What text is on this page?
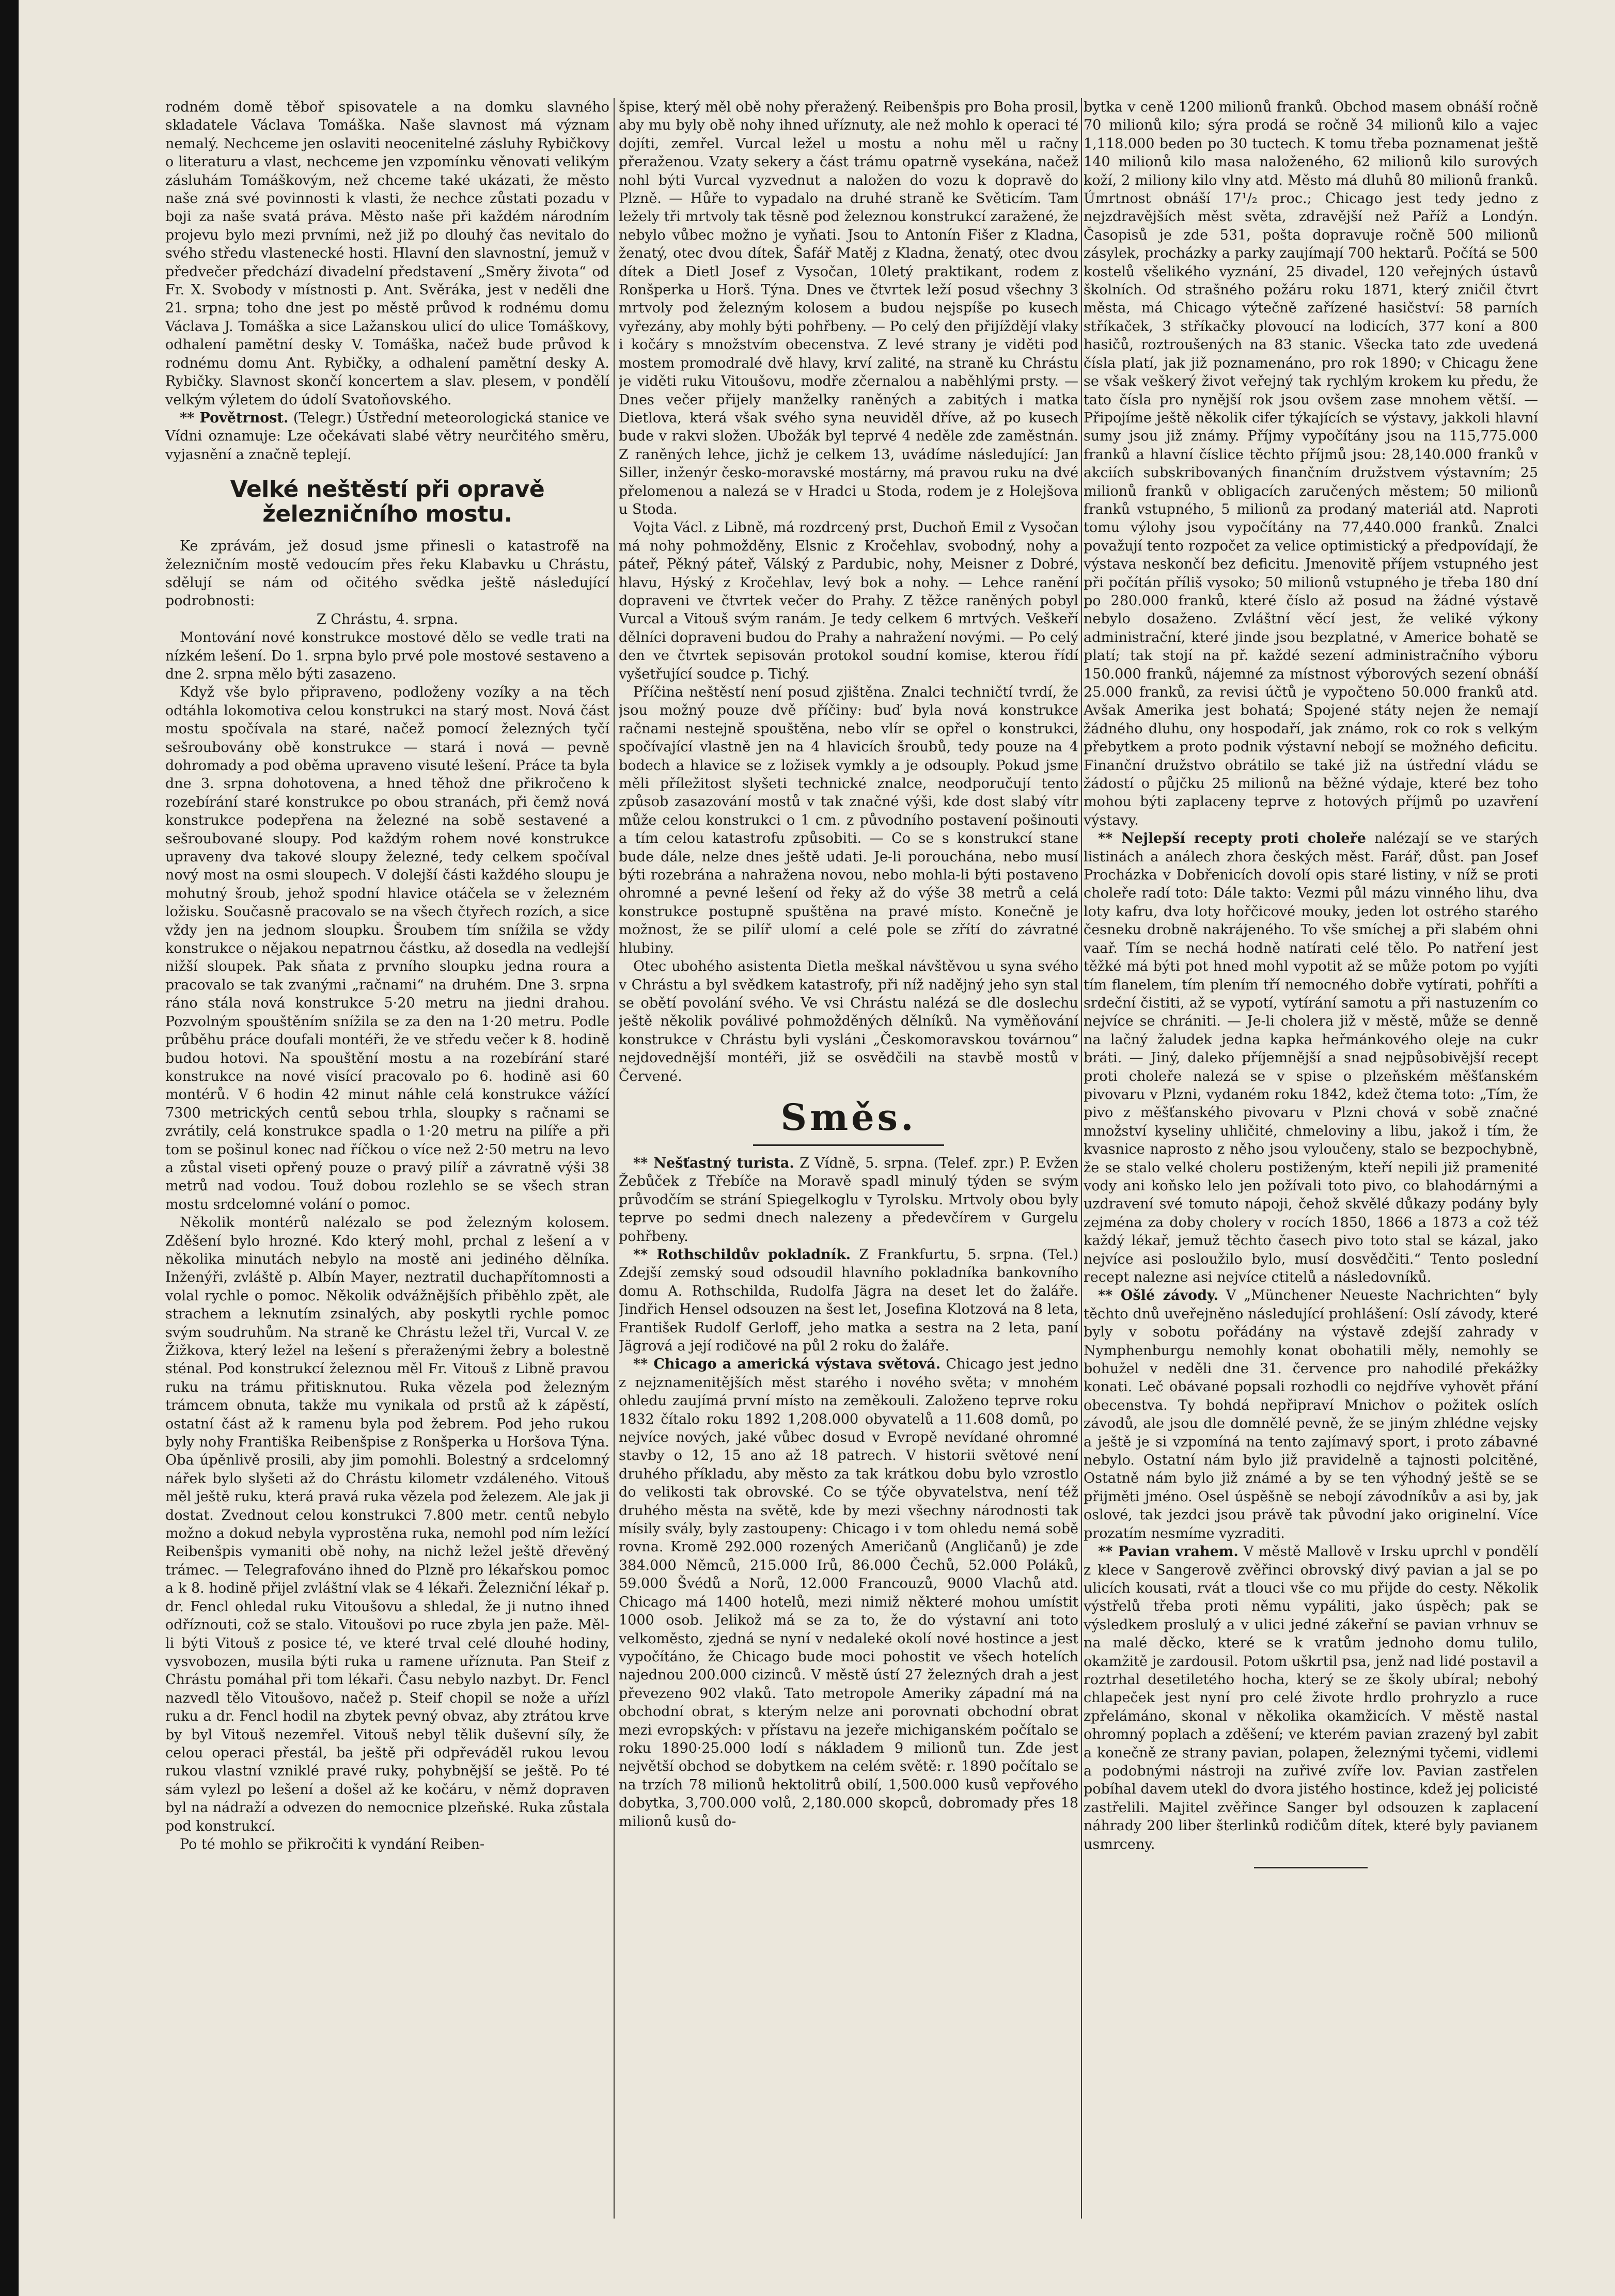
rodném domě těboř spisovatele a na domku slavného skladatele Václava Tomáška. Naše slavnost má význam nemalý. Nechceme jen oslaviti neocenitelné zásluhy Rybičkovy o literaturu a vlast, nechceme jen vzpomínku věnovati velikým zásluhám Tomáškovým, než chceme také ukázati, že město naše zná své povinnosti k vlasti, že nechce zůstati pozadu v boji za naše svatá práva. Město naše při každém národním projevu bylo mezi prvními, než již po dlouhý čas nevitalo do svého středu vlastenecké hosti. Hlavní den slavnostní, jemuž v předvečer předchází divadelní představení „Směry života“ od Fr. X. Svobody v místnosti p. Ant. Svěráka, jest v neděli dne 21. srpna; toho dne jest po městě průvod k rodnému domu Václava J. Tomáška a sice Lažanskou ulicí do ulice Tomáškovy, odhalení pamětní desky V. Tomáška, načež bude průvod k rodnému domu Ant. Rybičky, a odhalení pamětní desky A. Rybičky. Slavnost skončí koncertem a slav. plesem, v pondělí velkým výletem do údolí Svatoňovského.

** Povětrnost. (Telegr.) Ústřední meteorologická stanice ve Vídni oznamuje: Lze očekávati slabé větry neurčitého směru, vyjasnění a značně teplejí.

Velké neštěstí při opravě železničního mostu.

Ke zprávám, jež dosud jsme přinesli o katastrofě na železničním mostě vedoucím přes řeku Klabavku u Chrástu, sdělují se nám od očitého svědka ještě následující podrobnosti:

Z Chrástu, 4. srpna.

Montování nové konstrukce mostové dělo se vedle trati na nízkém lešení. Do 1. srpna bylo prvé pole mostové sestaveno a dne 2. srpna mělo býti zasazeno.

Když vše bylo připraveno, podloženy vozíky a na těch odtáhla lokomotiva celou konstrukci na starý most. Nová část mostu spočívala na staré, načež pomocí železných tyčí sešroubovány obě konstrukce — stará i nová — pevně dohromady a pod oběma upraveno visuté lešení. Práce ta byla dne 3. srpna dohotovena, a hned těhož dne přikročeno k rozebírání staré konstrukce po obou stranách, při čemž nová konstrukce podepřena na železné na sobě sestavené a sešroubované sloupy. Pod každým rohem nové konstrukce upraveny dva takové sloupy železné, tedy celkem spočíval nový most na osmi sloupech. V dolejší části každého sloupu je mohutný šroub, jehož spodní hlavice otáčela se v železném ložisku. Současně pracovalo se na všech čtyřech rozích, a sice vždy jen na jednom sloupku. Šroubem tím snížila se vždy konstrukce o nějakou nepatrnou částku, až dosedla na vedlejší nižší sloupek. Pak sňata z prvního sloupku jedna roura a pracovalo se tak zvanými „račnami“ na druhém. Dne 3. srpna ráno stála nová konstrukce 5·20 metru na jiedni drahou. Pozvolným spouštěním snížila se za den na 1·20 metru. Podle průběhu práce doufali montéři, že ve středu večer k 8. hodině budou hotovi. Na spouštění mostu a na rozebírání staré konstrukce na nové visící pracovalo po 6. hodině asi 60 montérů. V 6 hodin 42 minut náhle celá konstrukce vážící 7300 metrických centů sebou trhla, sloupky s račnami se zvrátily, celá konstrukce spadla o 1·20 metru na pilíře a při tom se pošinul konec nad říčkou o více než 2·50 metru na levo a zůstal viseti opřený pouze o pravý pilíř a závratně výši 38 metrů nad vodou. Touž dobou rozlehlo se se všech stran mostu srdcelomné volání o pomoc.

Několik montérů nalézalo se pod železným kolosem. Zděšení bylo hrozné. Kdo který mohl, prchal z lešení a v několika minutách nebylo na mostě ani jediného dělníka. Inženýři, zvláště p. Albín Mayer, neztratil duchapřítomnosti a volal rychle o pomoc. Několik odvážnějších přiběhlo zpět, ale strachem a leknutím zsinalých, aby poskytli rychle pomoc svým soudruhům. Na straně ke Chrástu ležel tři, Vurcal V. ze Žižkova, který ležel na lešení s přeraženými žebry a bolestně sténal. Pod konstrukcí železnou měl Fr. Vitouš z Libně pravou ruku na trámu přitisknutou. Ruka vězela pod železným trámcem obnuta, takže mu vynikala od prstů až k zápěstí, ostatní část až k ramenu byla pod žebrem. Pod jeho rukou byly nohy Františka Reibenšpise z Ronšperka u Horšova Týna. Oba úpěnlivě prosili, aby jim pomohli. Bolestný a srdcelomný nářek bylo slyšeti až do Chrástu kilometr vzdáleného. Vitouš měl ještě ruku, která pravá ruka vězela pod železem. Ale jak ji dostat. Zvednout celou konstrukci 7.800 metr. centů nebylo možno a dokud nebyla vyprostěna ruka, nemohl pod ním ležící Reibenšpis vymaniti obě nohy, na nichž ležel ještě dřevěný trámec. — Telegrafováno ihned do Plzně pro lékařskou pomoc a k 8. hodině přijel zvláštní vlak se 4 lékaři. Železniční lékař p. dr. Fencl ohledal ruku Vitoušovu a shledal, že ji nutno ihned odříznouti, což se stalo. Vitoušovi po ruce zbyla jen paže. Měl-li býti Vitouš z posice té, ve které trval celé dlouhé hodiny, vysvobozen, musila býti ruka u ramene uříznuta. Pan Steif z Chrástu pomáhal při tom lékaři. Času nebylo nazbyt. Dr. Fencl nazvedl tělo Vitoušovo, načež p. Steif chopil se nože a uřízl ruku a dr. Fencl hodil na zbytek pevný obvaz, aby ztrátou krve by byl Vitouš nezemřel. Vitouš nebyl tělik duševní síly, že celou operaci přestál, ba ještě při odpřeváděl rukou levou rukou vlastní vzniklé pravé ruky, pohybnější se ještě. Po té sám vylezl po lešení a došel až ke kočáru, v němž dopraven byl na nádraží a odvezen do nemocnice plzeňské. Ruka zůstala pod konstrukcí.

Po té mohlo se přikročiti k vyndání Reiben-

špise, který měl obě nohy přeražený. Reibenšpis pro Boha prosil, aby mu byly obě nohy ihned uříznuty, ale než mohlo k operaci té dojíti, zemřel. Vurcal ležel u mostu a nohu měl u račny přeraženou. Vzaty sekery a část trámu opatrně vysekána, načež nohl býti Vurcal vyzvednut a naložen do vozu k dopravě do Plzně. — Hůře to vypadalo na druhé straně ke Světicím. Tam ležely tři mrtvoly tak těsně pod železnou konstrukcí zaražené, že nebylo vůbec možno je vyňati. Jsou to Antonín Fišer z Kladna, ženatý, otec dvou dítek, Šafář Matěj z Kladna, ženatý, otec dvou dítek a Dietl Josef z Vysočan, 10letý praktikant, rodem z Ronšperka u Horš. Týna. Dnes ve čtvrtek leží posud všechny 3 mrtvoly pod železným kolosem a budou nejspíše po kusech vyřezány, aby mohly býti pohřbeny. — Po celý den přijíždějí vlaky i kočáry s množstvím obecenstva. Z levé strany je viděti pod mostem promodralé dvě hlavy, krví zalité, na straně ku Chrástu je viděti ruku Vitoušovu, modře zčernalou a naběhlými prsty. — Dnes večer přijely manželky raněných a zabitých i matka Dietlova, která však svého syna neuviděl dříve, až po kusech bude v rakvi složen. Ubožák byl teprvé 4 neděle zde zaměstnán. Z raněných lehce, jichž je celkem 13, uvádíme následující: Jan Siller, inženýr česko-moravské mostárny, má pravou ruku na dvé přelomenou a nalezá se v Hradci u Stoda, rodem je z Holejšova u Stoda.

Vojta Václ. z Libně, má rozdrcený prst, Duchoň Emil z Vysočan má nohy pohmožděny, Elsnic z Kročehlav, svobodný, nohy a páteř, Pěkný páteř, Válský z Pardubic, nohy, Meisner z Dobré, hlavu, Hýský z Kročehlav, levý bok a nohy. — Lehce ranění dopraveni ve čtvrtek večer do Prahy. Z těžce raněných pobyl Vurcal a Vitouš svým ranám. Je tedy celkem 6 mrtvých. Veškeří dělníci dopraveni budou do Prahy a nahražení novými. — Po celý den ve čtvrtek sepisován protokol soudní komise, kterou řídí vyšetřující soudce p. Tichý.

Příčina neštěstí není posud zjištěna. Znalci techničtí tvrdí, že jsou možný pouze dvě příčiny: buď byla nová konstrukce račnami nestejně spouštěna, nebo vlír se opřel o konstrukci, spočívající vlastně jen na 4 hlavicích šroubů, tedy pouze na 4 bodech a hlavice se z ložisek vymkly a je odsouply. Pokud jsme měli příležitost slyšeti technické znalce, neodporučují tento způsob zasazování mostů v tak značné výši, kde dost slabý vítr může celou konstrukci o 1 cm. z původního postavení pošinouti a tím celou katastrofu způsobiti. — Co se s konstrukcí stane bude dále, nelze dnes ještě udati. Je-li porouchána, nebo musí býti rozebrána a nahražena novou, nebo mohla-li býti postaveno ohromné a pevné lešení od řeky až do výše 38 metrů a celá konstrukce postupně spuštěna na pravé místo. Konečně je možnost, že se pilíř ulomí a celé pole se zřítí do závratné hlubiny.

Otec ubohého asistenta Dietla meškal návštěvou u syna svého v Chrástu a byl svědkem katastrofy, při níž nadějný jeho syn stal se obětí povolání svého. Ve vsi Chrástu nalézá se dle doslechu ještě několik poválivé pohmožděných dělníků. Na vyměňování konstrukce v Chrástu byli vysláni „Českomoravskou továrnou“ nejdovednější montéři, již se osvědčili na stavbě mostů v Červené.

Směs.

** Nešťastný turista. Z Vídně, 5. srpna. (Telef. zpr.) P. Evžen Žebůček z Třebíče na Moravě spadl minulý týden se svým průvodčím se strání Spiegelkoglu v Tyrolsku. Mrtvoly obou byly teprve po sedmi dnech nalezeny a předevčírem v Gurgelu pohřbeny.

** Rothschildův pokladník. Z Frankfurtu, 5. srpna. (Tel.) Zdejší zemský soud odsoudil hlavního pokladníka bankovního domu A. Rothschilda, Rudolfa Jägra na deset let do žaláře. Jindřich Hensel odsouzen na šest let, Josefina Klotzová na 8 leta, František Rudolf Gerloff, jeho matka a sestra na 2 leta, paní Jägrová a její rodičové na půl 2 roku do žaláře.

** Chicago a americká výstava světová. Chicago jest jedno z nejznamenitějších měst starého i nového světa; v mnohém ohledu zaujímá první místo na zeměkouli. Založeno teprve roku 1832 čítalo roku 1892 1,208.000 obyvatelů a 11.608 domů, po nejvíce nových, jaké vůbec dosud v Evropě nevídané ohromné stavby o 12, 15 ano až 18 patrech. V historii světové není druhého příkladu, aby město za tak krátkou dobu bylo vzrostlo do velikosti tak obrovské. Co se týče obyvatelstva, není též druhého města na světě, kde by mezi všechny národnosti tak mísily svály, byly zastoupeny: Chicago i v tom ohledu nemá sobě rovna. Kromě 292.000 rozených Američanů (Angličanů) je zde 384.000 Němců, 215.000 Irů, 86.000 Čechů, 52.000 Poláků, 59.000 Švédů a Norů, 12.000 Francouzů, 9000 Vlachů atd. Chicago má 1400 hotelů, mezi nimiž některé mohou umístit 1000 osob. Jelikož má se za to, že do výstavní ani toto velkoměsto, zjedná se nyní v nedaleké okolí nové hostince a jest vypočítáno, že Chicago bude moci pohostit ve všech hotelích najednou 200.000 cizinců. V městě ústí 27 železných drah a jest převezeno 902 vlaků. Tato metropole Ameriky západní má na obchodní obrat, s kterým nelze ani porovnati obchodní obrat mezi evropských: v přístavu na jezeře michiganském počítalo se roku 1890·25.000 lodí s nákladem 9 milionů tun. Zde jest největší obchod se dobytkem na celém světě: r. 1890 počítalo se na trzích 78 milionů hektolitrů obilí, 1,500.000 kusů vepřového dobytka, 3,700.000 volů, 2,180.000 skopců, dobromady přes 18 milionů kusů do-

bytka v ceně 1200 milionů franků. Obchod masem obnáší ročně 70 milionů kilo; sýra prodá se ročně 34 milionů kilo a vajec 1,118.000 beden po 30 tuctech. K tomu třeba poznamenat ještě 140 milionů kilo masa naloženého, 62 milionů kilo surových koží, 2 miliony kilo vlny atd. Město má dluhů 80 milionů franků. Úmrtnost obnáší 17¹/₂ proc.; Chicago jest tedy jedno z nejzdravějších měst světa, zdravější než Paříž a Londýn. Časopisů je zde 531, pošta dopravuje ročně 500 milionů zásylek, procházky a parky zaujímají 700 hektarů. Počítá se 500 kostelů všelikého vyznání, 25 divadel, 120 veřejných ústavů školních. Od strašného požáru roku 1871, který zničil čtvrt města, má Chicago výtečně zařízené hasičství: 58 parních stříkaček, 3 stříkačky plovoucí na lodicích, 377 koní a 800 hasičů, roztroušených na 83 stanic. Všecka tato zde uvedená čísla platí, jak již poznamenáno, pro rok 1890; v Chicagu žene se však veškerý život veřejný tak rychlým krokem ku předu, že tato čísla pro nynější rok jsou ovšem zase mnohem větší. — Připojíme ještě několik cifer týkajících se výstavy, jakkoli hlavní sumy jsou již známy. Příjmy vypočítány jsou na 115,775.000 franků a hlavní číslice těchto příjmů jsou: 28,140.000 franků v akciích subskribovaných finančním družstvem výstavním; 25 milionů franků v obligacích zaručených městem; 50 milionů franků vstupného, 5 milionů za prodaný materiál atd. Naproti tomu výlohy jsou vypočítány na 77,440.000 franků. Znalci považují tento rozpočet za velice optimistický a předpovídají, že výstava neskončí bez deficitu. Jmenovitě příjem vstupného jest při počítán příliš vysoko; 50 milionů vstupného je třeba 180 dní po 280.000 franků, které číslo až posud na žádné výstavě nebylo dosaženo. Zvláštní věcí jest, že veliké výkony administrační, které jinde jsou bezplatné, v Americe bohatě se platí; tak stojí na př. každé sezení administračního výboru 150.000 franků, nájemné za místnost výborových sezení obnáší 25.000 franků, za revisi účtů je vypočteno 50.000 franků atd. Avšak Amerika jest bohatá; Spojené státy nejen že nemají žádného dluhu, ony hospodaří, jak známo, rok co rok s velkým přebytkem a proto podnik výstavní nebojí se možného deficitu. Finanční družstvo obrátilo se také již na ústřední vládu se žádostí o půjčku 25 milionů na běžné výdaje, které bez toho mohou býti zaplaceny teprve z hotových příjmů po uzavření výstavy.

** Nejlepší recepty proti choleře nalézají se ve starých listinách a análech zhora českých měst. Farář, důst. pan Josef Procházka v Dobřenicích dovolí opis staré listiny, v níž se proti choleře radí toto: Dále takto: Vezmi půl mázu vinného lihu, dva loty kafru, dva loty hořčicové mouky, jeden lot ostrého starého česneku drobně nakrájeného. To vše smíchej a při slabém ohni vaař. Tím se nechá hodně natírati celé tělo. Po natření jest těžké má býti pot hned mohl vypotit až se může potom po vyjíti tím flanelem, tím plením tří nemocného dobře vytírati, pohříti a srdeční čistiti, až se vypotí, vytírání samotu a při nastuzením co nejvíce se chrániti. — Je-li cholera již v městě, může se denně na lačný žaludek jedna kapka heřmánkového oleje na cukr bráti. — Jiný, daleko příjemnější a snad nejpůsobivější recept proti choleře nalezá se v spise o plzeňském měšťanském pivovaru v Plzni, vydaném roku 1842, kdež čtema toto: „Tím, že pivo z měšťanského pivovaru v Plzni chová v sobě značné množství kyseliny uhličité, chmeloviny a libu, jakož i tím, že kvasnice naprosto z něho jsou vyloučeny, stalo se bezpochybně, že se stalo velké choleru postiženým, kteří nepili již pramenité vody ani koňsko lelo jen požívali toto pivo, co blahodárnými a uzdravení své tomuto nápoji, čehož skvělé důkazy podány byly zejména za doby cholery v rocích 1850, 1866 a 1873 a což též každý lékař, jemuž těchto časech pivo toto stal se kázal, jako nejvíce asi posloužilo bylo, musí dosvědčiti.“ Tento poslední recept nalezne asi nejvíce ctitelů a následovníků.

** Ošlé závody. V „Münchener Neueste Nachrichten“ byly těchto dnů uveřejněno následující prohlášení: Oslí závody, které byly v sobotu pořádány na výstavě zdejší zahrady v Nymphenburgu nemohly konat obohatili měly, nemohly se bohužel v neděli dne 31. července pro nahodilé překážky konati. Leč obávané popsali rozhodli co nejdříve vyhovět přání obecenstva. Ty bohdá nepřipraví Mnichov o požitek oslích závodů, ale jsou dle domnělé pevně, že se jiným zhlédne vejsky a ještě je si vzpomíná na tento zajímavý sport, i proto zábavné nebylo. Ostatní nám bylo již pravidelně a tajnosti polcitěné, Ostatně nám bylo již známé a by se ten výhodný ještě se se přijměti jméno. Osel úspěšně se nebojí závodníkův a asi by, jak oslové, tak jezdci jsou právě tak původní jako originelní. Více prozatím nesmíme vyzraditi.

** Pavian vrahem. V městě Mallově v Irsku uprchl v pondělí z klece v Sangerově zvěřinci obrovský divý pavian a jal se po ulicích kousati, rvát a tlouci vše co mu přijde do cesty. Několik výstřelů třeba proti němu vypáliti, jako úspěch; pak se výsledkem proslulý a v ulici jedné zákeřní se pavian vrhnuv se na malé děcko, které se k vratům jednoho domu tulilo, okamžitě je zardousil. Potom uškrtil psa, jenž nad lidé postavil a roztrhal desetiletého hocha, který se ze školy ubíral; nebohý chlapeček jest nyní pro celé živote hrdlo prohryzlo a ruce zpřelámáno, skonal v několika okamžicích. V městě nastal ohromný poplach a zděšení; ve kterém pavian zrazený byl zabit a konečně ze strany pavian, polapen, železnými tyčemi, vidlemi a podobnými nástroji na zuřivé zvíře lov. Pavian zastřelen pobíhal davem utekl do dvora jistého hostince, kdež jej policisté zastřelili. Majitel zvěřince Sanger byl odsouzen k zaplacení náhrady 200 liber šterlinků rodičům dítek, které byly pavianem usmrceny.
